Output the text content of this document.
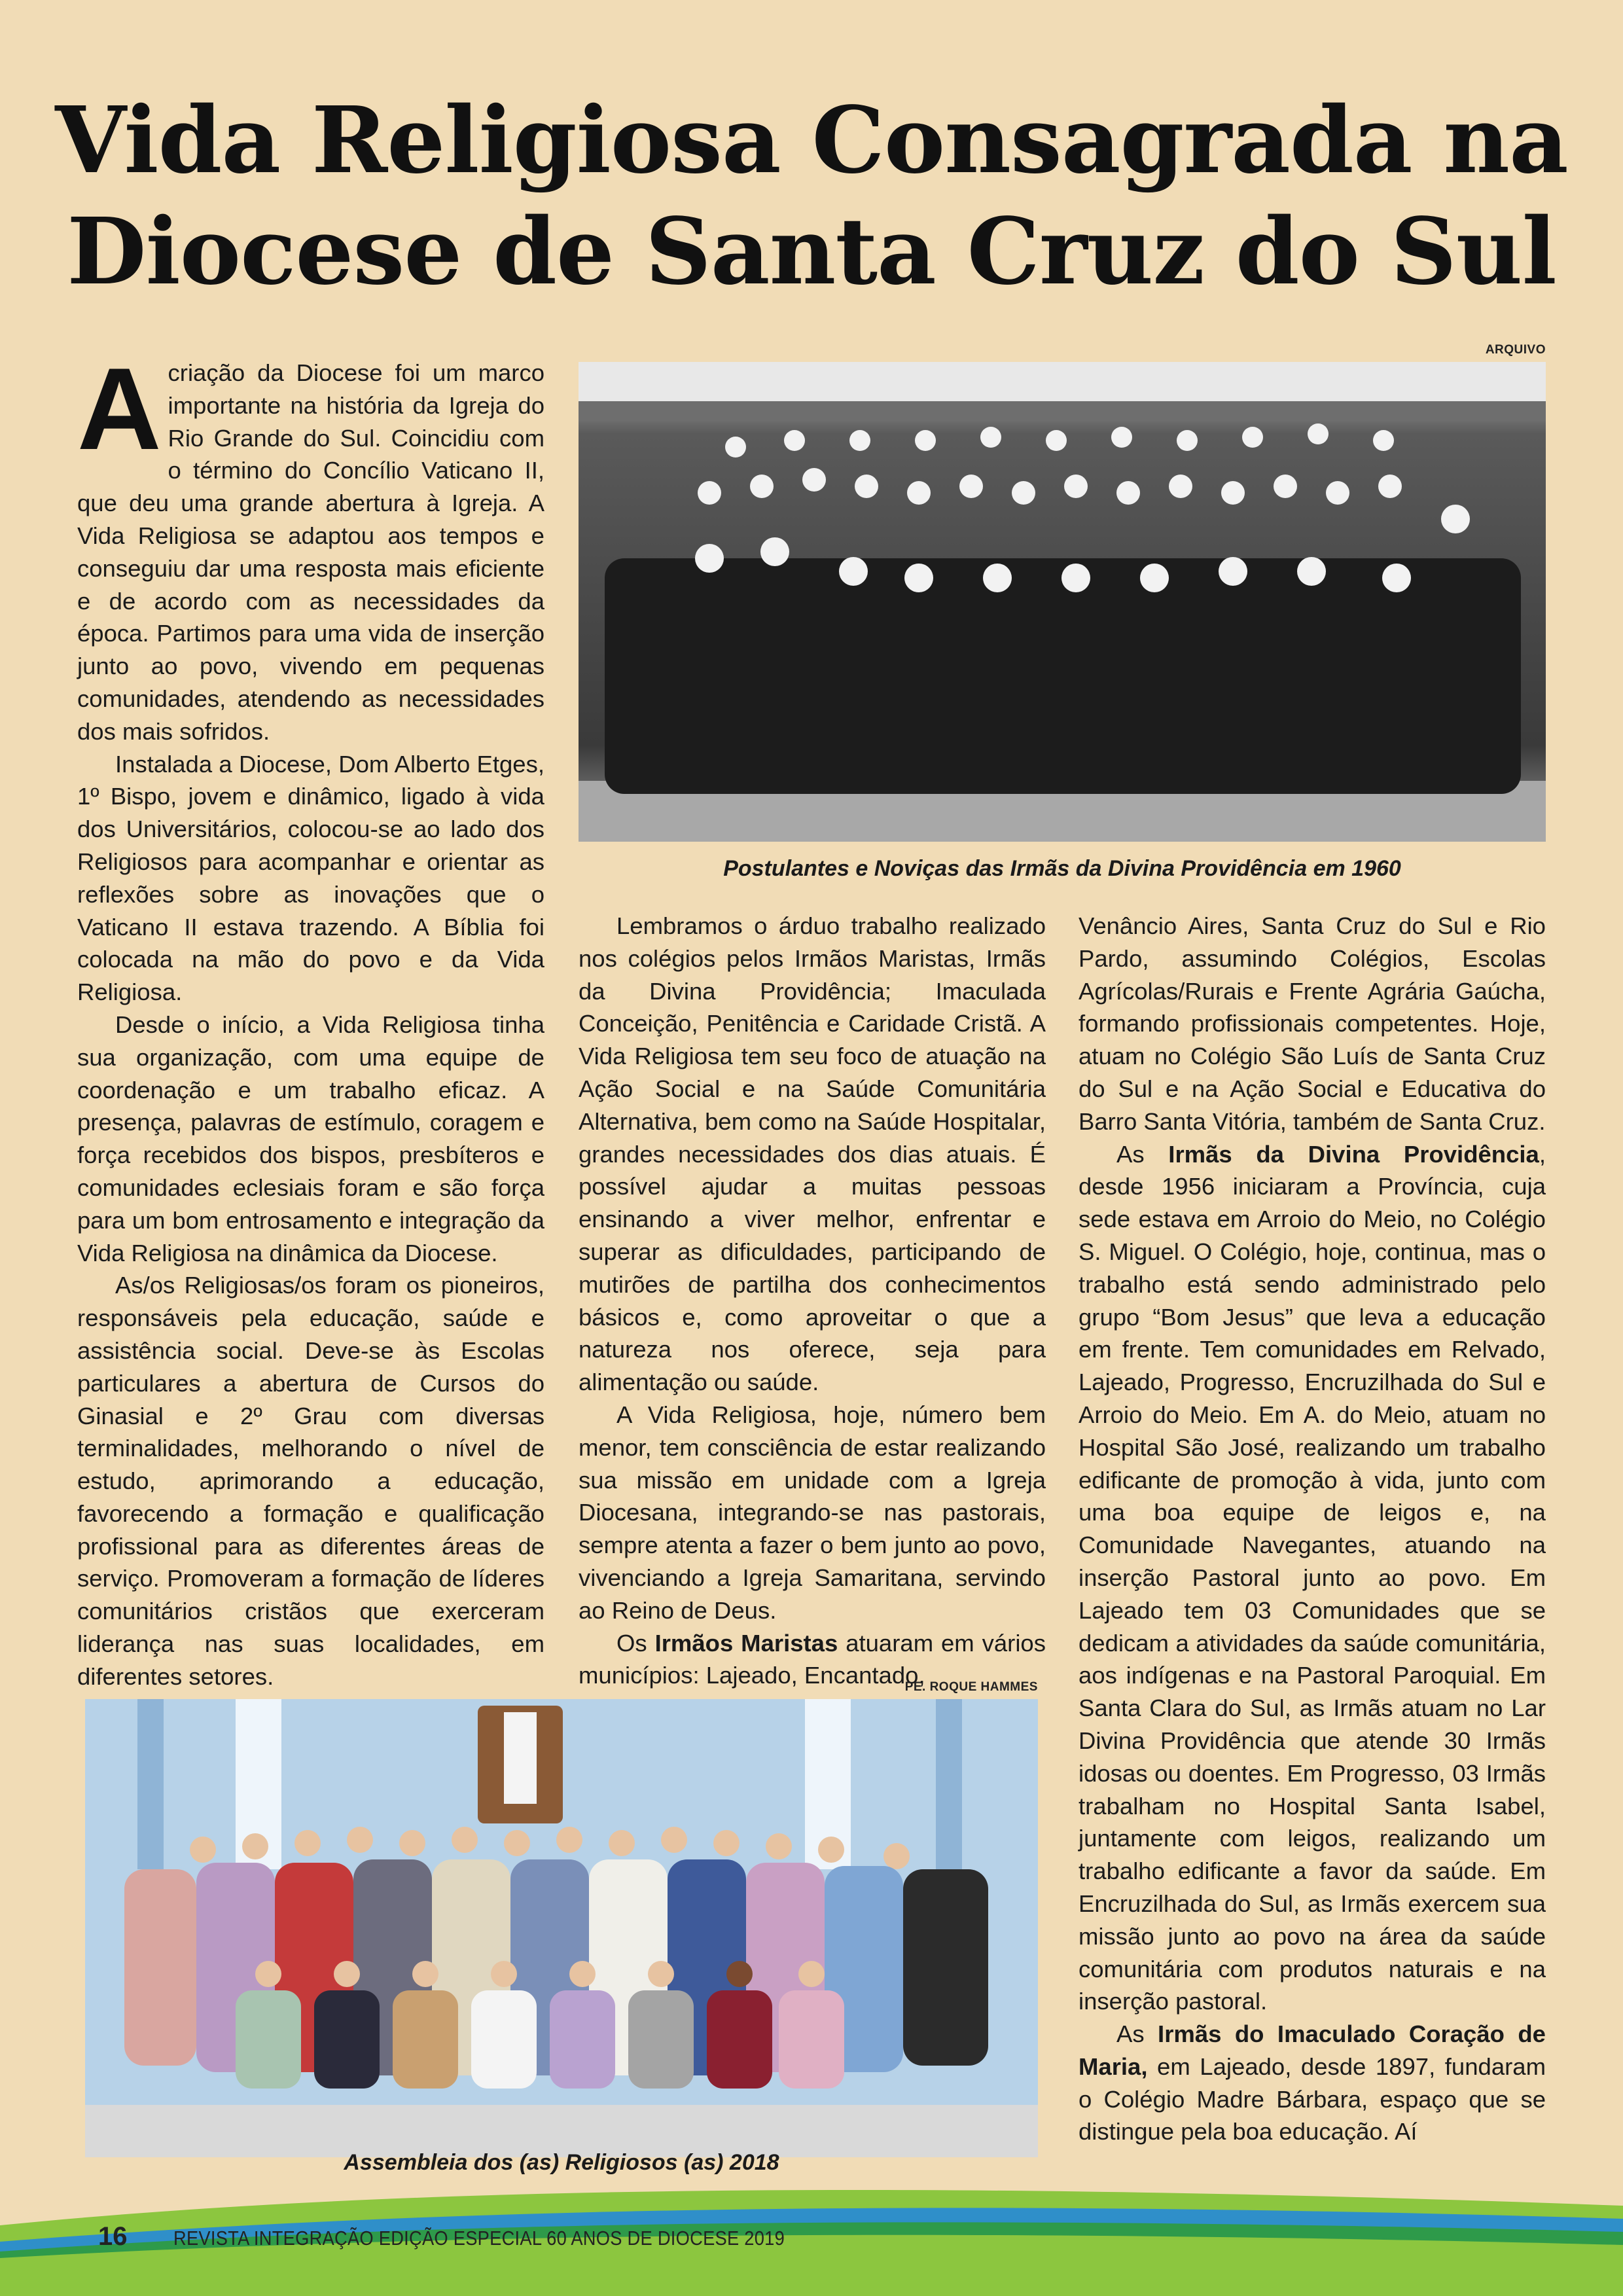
Vida Religiosa Consagrada na
Diocese de Santa Cruz do Sul
ARQUIVO
Postulantes e Noviças das Irmãs da Divina Providência em 1960

Acriação da Diocese foi um marco importante na história da Igreja do Rio Grande do Sul. Coincidiu com o término do Concílio Vaticano II, que deu uma grande abertura à Igreja. A Vida Religiosa se adaptou aos tempos e conseguiu dar uma resposta mais eficiente e de acordo com as necessidades da época. Partimos para uma vida de inserção junto ao povo, vivendo em pequenas comunidades, atendendo as necessidades dos mais sofridos.

Instalada a Diocese, Dom Alberto Etges, 1º Bispo, jovem e dinâmico, ligado à vida dos Universitários, colocou-se ao lado dos Religiosos para acompanhar e orientar as reflexões sobre as inovações que o Vaticano II estava trazendo. A Bíblia foi colocada na mão do povo e da Vida Religiosa.

Desde o início, a Vida Religiosa tinha sua organização, com uma equipe de coordenação e um trabalho eficaz. A presença, palavras de estímulo, coragem e força recebidos dos bispos, presbíteros e comunidades eclesiais foram e são força para um bom entrosamento e integração da Vida Religiosa na dinâmica da Diocese.

As/os Religiosas/os foram os pioneiros, responsáveis pela educação, saúde e assistência social. Deve-se às Escolas particulares a abertura de Cursos do Ginasial e 2º Grau com diversas terminalidades, melhorando o nível de estudo, aprimorando a educação, favorecendo a formação e qualificação profissional para as diferentes áreas de serviço. Promoveram a formação de líderes comunitários cristãos que exerceram liderança nas suas localidades, em diferentes setores.

Lembramos o árduo trabalho realizado nos colégios pelos Irmãos Maristas, Irmãs da Divina Providência; Imaculada Conceição, Penitência e Caridade Cristã. A Vida Religiosa tem seu foco de atuação na Ação Social e na Saúde Comunitária Alternativa, bem como na Saúde Hospitalar, grandes necessidades dos dias atuais. É possível ajudar a muitas pessoas ensinando a viver melhor, enfrentar e superar as dificuldades, participando de mutirões de partilha dos conhecimentos básicos e, como aproveitar o que a natureza nos oferece, seja para alimentação ou saúde.

A Vida Religiosa, hoje, número bem menor, tem consciência de estar realizando sua missão em unidade com a Igreja Diocesana, integrando-se nas pastorais, sempre atenta a fazer o bem junto ao povo, vivenciando a Igreja Samaritana, servindo ao Reino de Deus.

Os Irmãos Maristas atuaram em vários municípios: Lajeado, Encantado,

Venâncio Aires, Santa Cruz do Sul e Rio Pardo, assumindo Colégios, Escolas Agrícolas/Rurais e Frente Agrária Gaúcha, formando profissionais competentes. Hoje, atuam no Colégio São Luís de Santa Cruz do Sul e na Ação Social e Educativa do Barro Santa Vitória, também de Santa Cruz.

As Irmãs da Divina Providência, desde 1956 iniciaram a Província, cuja sede estava em Arroio do Meio, no Colégio S. Miguel. O Colégio, hoje, continua, mas o trabalho está sendo administrado pelo grupo “Bom Jesus” que leva a educação em frente. Tem comunidades em Relvado, Lajeado, Progresso, Encruzilhada do Sul e Arroio do Meio. Em A. do Meio, atuam no Hospital São José, realizando um trabalho edificante de promoção à vida, junto com uma boa equipe de leigos e, na Comunidade Navegantes, atuando na inserção Pastoral junto ao povo. Em Lajeado tem 03 Comunidades que se dedicam a atividades da saúde comunitária, aos indígenas e na Pastoral Paroquial. Em Santa Clara do Sul, as Irmãs atuam no Lar Divina Providência que atende 30 Irmãs idosas ou doentes. Em Progresso, 03 Irmãs trabalham no Hospital Santa Isabel, juntamente com leigos, realizando um trabalho edificante a favor da saúde. Em Encruzilhada do Sul, as Irmãs exercem sua missão junto ao povo na área da saúde comunitária com produtos naturais e na inserção pastoral.

As Irmãs do Imaculado Coração de Maria, em Lajeado, desde 1897, fundaram o Colégio Madre Bárbara, espaço que se distingue pela boa educação. Aí

PE. ROQUE HAMMES
Assembleia dos (as) Religiosos (as) 2018
16 REVISTA INTEGRAÇÃO EDIÇÃO ESPECIAL 60 ANOS DE DIOCESE 2019
